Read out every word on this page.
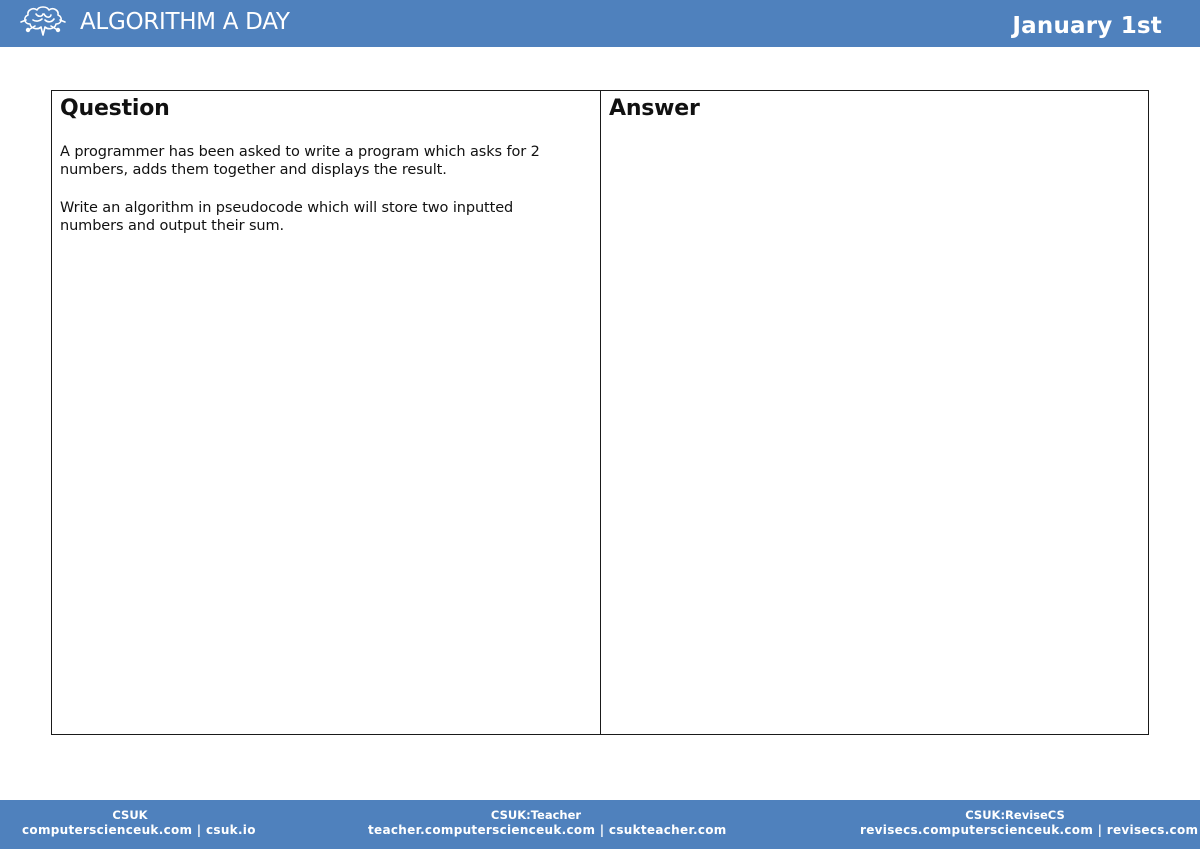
ALGORITHM A DAY	January 1st
Question

A programmer has been asked to write a program which asks for 2 numbers, adds them together and displays the result.

Write an algorithm in pseudocode which will store two inputted numbers and output their sum.

Answer
CSUK
computerscienceuk.com | csuk.io
CSUK:Teacher
teacher.computerscienceuk.com | csukteacher.com
CSUK:ReviseCS
revisecs.computerscienceuk.com | revisecs.com
